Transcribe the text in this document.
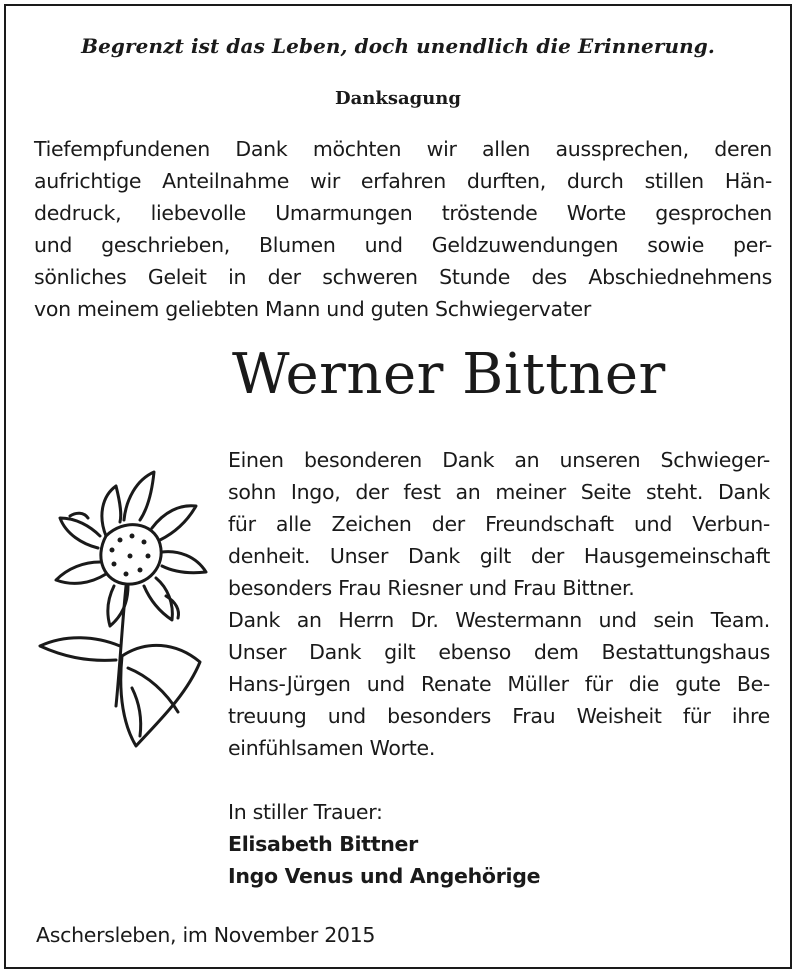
Begrenzt ist das Leben, doch unendlich die Erinnerung.
Danksagung
Tiefempfundenen Dank möchten wir allen aussprechen, deren
aufrichtige Anteilnahme wir erfahren durften, durch stillen Hän-
dedruck, liebevolle Umarmungen tröstende Worte gesprochen
und geschrieben, Blumen und Geldzuwendungen sowie per-
sönliches Geleit in der schweren Stunde des Abschiednehmens
von meinem geliebten Mann und guten Schwiegervater
Werner Bittner
Einen besonderen Dank an unseren Schwieger-
sohn Ingo, der fest an meiner Seite steht. Dank
für alle Zeichen der Freundschaft und Verbun-
denheit. Unser Dank gilt der Hausgemeinschaft
besonders Frau Riesner und Frau Bittner.
Dank an Herrn Dr. Westermann und sein Team.
Unser Dank gilt ebenso dem Bestattungshaus
Hans-Jürgen und Renate Müller für die gute Be-
treuung und besonders Frau Weisheit für ihre
einfühlsamen Worte.
In stiller Trauer:
Elisabeth Bittner
Ingo Venus und Angehörige
Aschersleben, im November 2015
